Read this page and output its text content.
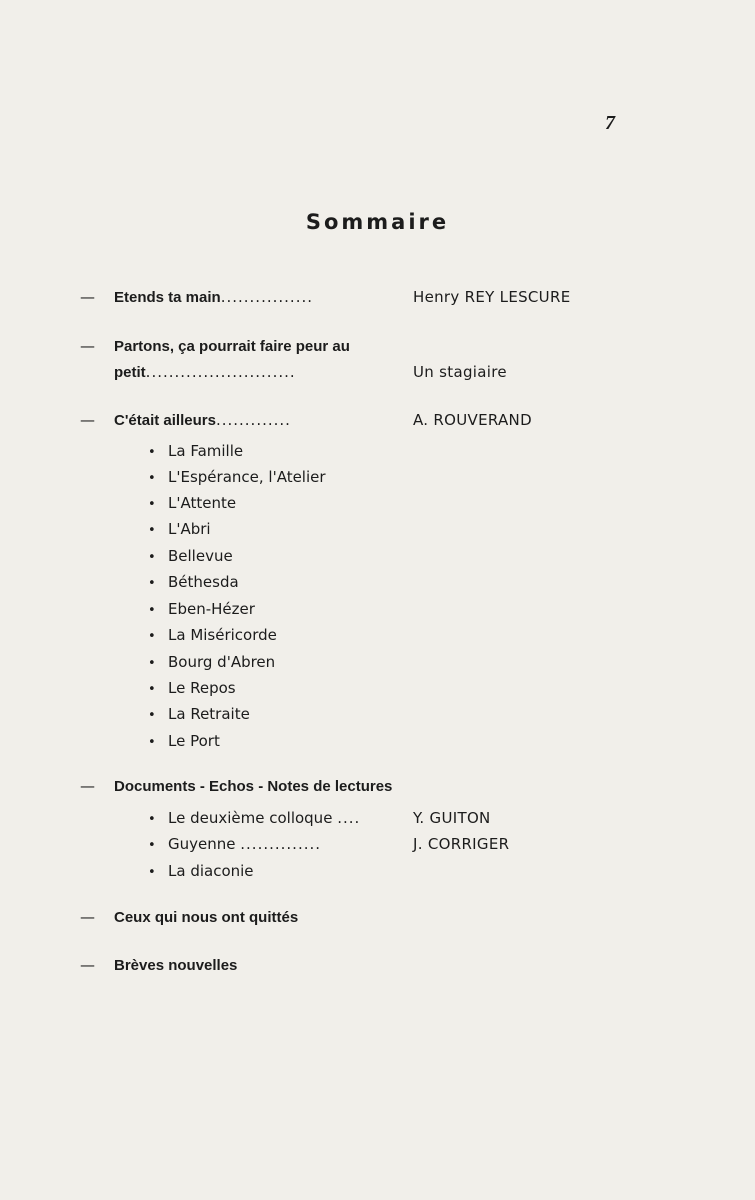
7
Sommaire
— Etends ta main................	Henry REY LESCURE
— Partons, ça pourrait faire peur au
petit..........................	Un stagiaire
— C'était ailleurs.............	A. ROUVERAND
• La Famille
• L'Espérance, l'Atelier
• L'Attente
• L'Abri
• Bellevue
• Béthesda
• Eben-Hézer
• La Miséricorde
• Bourg d'Abren
• Le Repos
• La Retraite
• Le Port
— Documents - Echos - Notes de lectures
• Le deuxième colloque ....	Y. GUITON
• Guyenne ..............	J. CORRIGER
• La diaconie
— Ceux qui nous ont quittés
— Brèves nouvelles
